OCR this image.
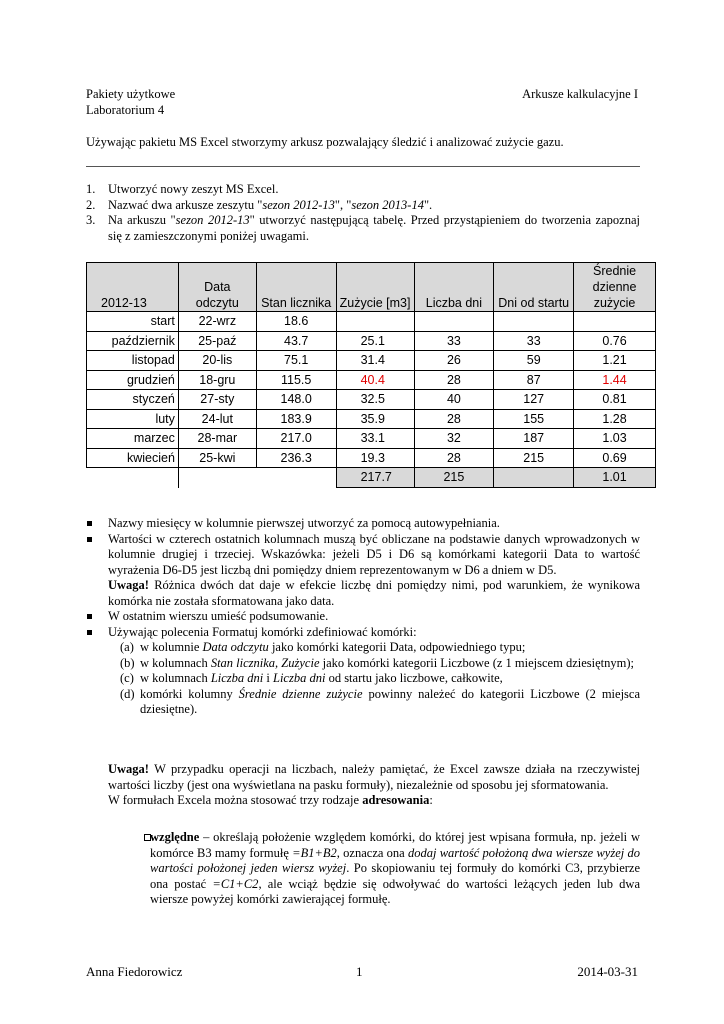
Pakiety użytkowe
Laboratorium 4
Arkusze kalkulacyjne I
Używając pakietu MS Excel stworzymy arkusz pozwalający śledzić i analizować zużycie gazu.
1. Utworzyć nowy zeszyt MS Excel.
2. Nazwać dwa arkusze zeszytu "sezon 2012-13", "sezon 2013-14".
3. Na arkuszu "sezon 2012-13" utworzyć następującą tabelę. Przed przystąpieniem do tworzenia zapoznaj się z zamieszczonymi poniżej uwagami.
2012-13	Data odczytu	Stan licznika	Zużycie [m3]	Liczba dni	Dni od startu	Średnie dzienne zużycie
start	22-wrz	18.6				
październik	25-paź	43.7	25.1	33	33	0.76
listopad	20-lis	75.1	31.4	26	59	1.21
grudzień	18-gru	115.5	40.4	28	87	1.44
styczeń	27-sty	148.0	32.5	40	127	0.81
luty	24-lut	183.9	35.9	28	155	1.28
marzec	28-mar	217.0	33.1	32	187	1.03
kwiecień	25-kwi	236.3	19.3	28	215	0.69
			217.7	215		1.01
Nazwy miesięcy w kolumnie pierwszej utworzyć za pomocą autowypełniania.
Wartości w czterech ostatnich kolumnach muszą być obliczane na podstawie danych wprowadzonych w kolumnie drugiej i trzeciej. Wskazówka: jeżeli D5 i D6 są komórkami kategorii Data to wartość wyrażenia D6-D5 jest liczbą dni pomiędzy dniem reprezentowanym w D6 a dniem w D5.
Uwaga! Różnica dwóch dat daje w efekcie liczbę dni pomiędzy nimi, pod warunkiem, że wynikowa komórka nie została sformatowana jako data.
W ostatnim wierszu umieść podsumowanie.
Używając polecenia Formatuj komórki zdefiniować komórki:
(a) w kolumnie Data odczytu jako komórki kategorii Data, odpowiedniego typu;
(b) w kolumnach Stan licznika, Zużycie jako komórki kategorii Liczbowe (z 1 miejscem dziesiętnym);
(c) w kolumnach Liczba dni i Liczba dni od startu jako liczbowe, całkowite,
(d) komórki kolumny Średnie dzienne zużycie powinny należeć do kategorii Liczbowe (2 miejsca dziesiętne).
Uwaga! W przypadku operacji na liczbach, należy pamiętać, że Excel zawsze działa na rzeczywistej wartości liczby (jest ona wyświetlana na pasku formuły), niezależnie od sposobu jej sformatowania.
W formułach Excela można stosować trzy rodzaje adresowania:
względne – określają położenie względem komórki, do której jest wpisana formuła, np. jeżeli w komórce B3 mamy formułę =B1+B2, oznacza ona dodaj wartość położoną dwa wiersze wyżej do wartości położonej jeden wiersz wyżej. Po skopiowaniu tej formuły do komórki C3, przybierze ona postać =C1+C2, ale wciąż będzie się odwoływać do wartości leżących jeden lub dwa wiersze powyżej komórki zawierającej formułę.
Anna Fiedorowicz	1	2014-03-31
